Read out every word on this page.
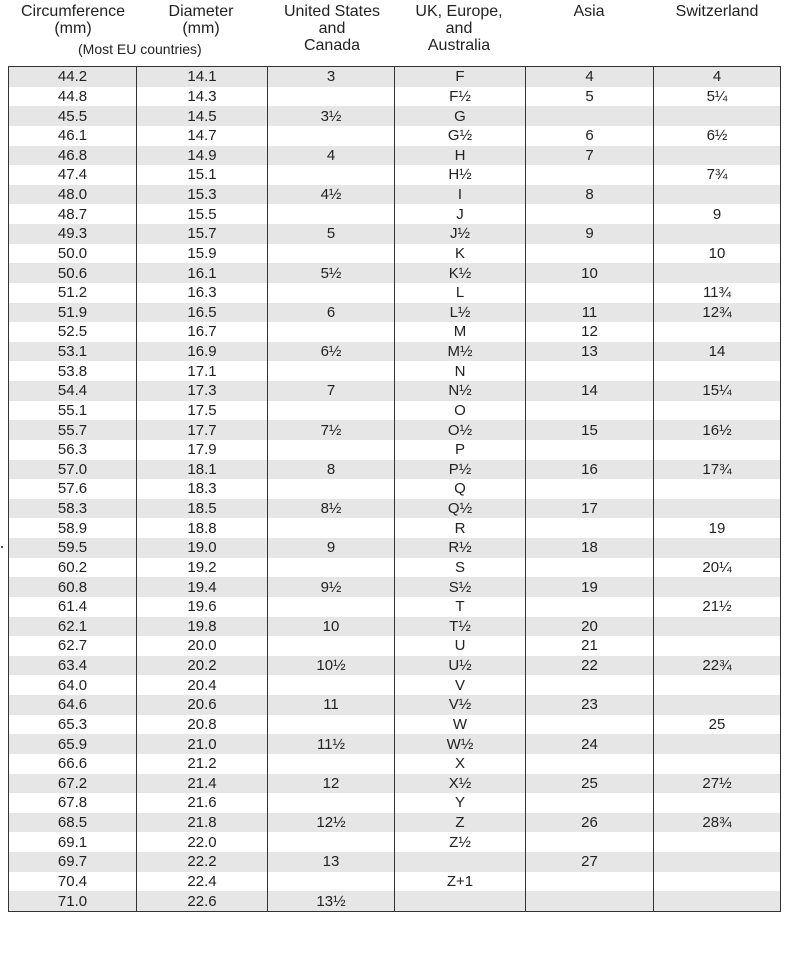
Circumference
(mm)
(Most EU countries)
Diameter
(mm)
United States
and
Canada
UK, Europe,
and
Australia
Asia	Switzerland
44.2	14.1	3	F	4	4
44.8	14.3		F½	5	5¼
45.5	14.5	3½	G		
46.1	14.7		G½	6	6½
46.8	14.9	4	H	7	
47.4	15.1		H½		7¾
48.0	15.3	4½	I	8	
48.7	15.5		J		9
49.3	15.7	5	J½	9	
50.0	15.9		K		10
50.6	16.1	5½	K½	10	
51.2	16.3		L		11¾
51.9	16.5	6	L½	11	12¾
52.5	16.7		M	12	
53.1	16.9	6½	M½	13	14
53.8	17.1		N		
54.4	17.3	7	N½	14	15¼
55.1	17.5		O		
55.7	17.7	7½	O½	15	16½
56.3	17.9		P		
57.0	18.1	8	P½	16	17¾
57.6	18.3		Q		
58.3	18.5	8½	Q½	17	
58.9	18.8		R		19
59.5	19.0	9	R½	18	
60.2	19.2		S		20¼
60.8	19.4	9½	S½	19	
61.4	19.6		T		21½
62.1	19.8	10	T½	20	
62.7	20.0		U	21	
63.4	20.2	10½	U½	22	22¾
64.0	20.4		V		
64.6	20.6	11	V½	23	
65.3	20.8		W		25
65.9	21.0	11½	W½	24	
66.6	21.2		X		
67.2	21.4	12	X½	25	27½
67.8	21.6		Y		
68.5	21.8	12½	Z	26	28¾
69.1	22.0		Z½		
69.7	22.2	13		27	
70.4	22.4		Z+1		
71.0	22.6	13½			
